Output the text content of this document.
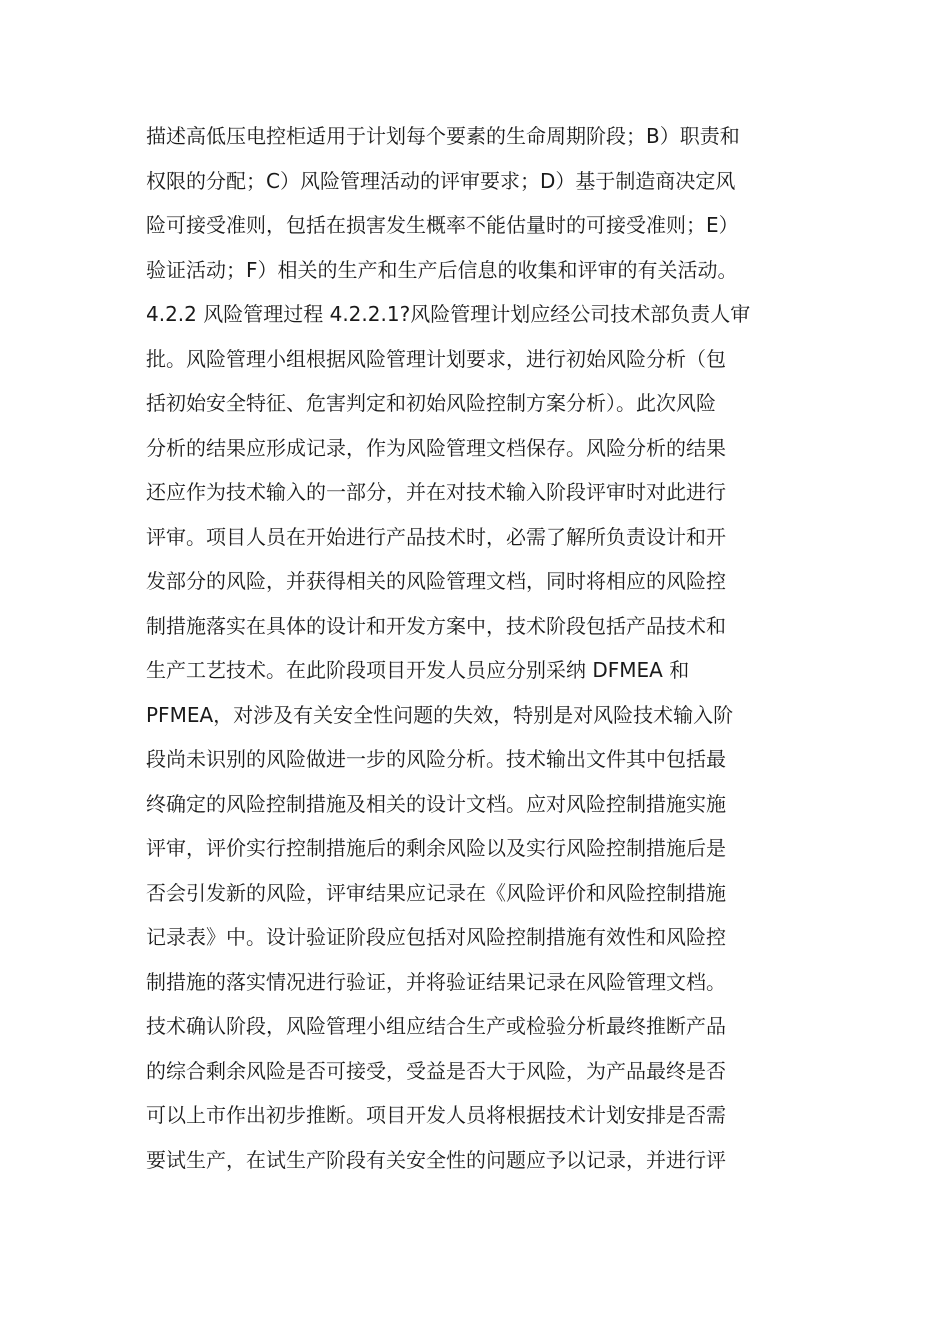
描述高低压电控柜适用于计划每个要素的生命周期阶段；B）职责和
权限的分配；C）风险管理活动的评审要求；D）基于制造商决定风
险可接受准则，包括在损害发生概率不能估量时的可接受准则；E）
验证活动；F）相关的生产和生产后信息的收集和评审的有关活动。
4.2.2 风险管理过程 4.2.2.1?风险管理计划应经公司技术部负责人审
批。风险管理小组根据风险管理计划要求，进行初始风险分析（包
括初始安全特征、危害判定和初始风险控制方案分析）。此次风险
分析的结果应形成记录，作为风险管理文档保存。风险分析的结果
还应作为技术输入的一部分，并在对技术输入阶段评审时对此进行
评审。项目人员在开始进行产品技术时，必需了解所负责设计和开
发部分的风险，并获得相关的风险管理文档，同时将相应的风险控
制措施落实在具体的设计和开发方案中，技术阶段包括产品技术和
生产工艺技术。在此阶段项目开发人员应分别采纳 DFMEA 和
PFMEA，对涉及有关安全性问题的失效，特别是对风险技术输入阶
段尚未识别的风险做进一步的风险分析。技术输出文件其中包括最
终确定的风险控制措施及相关的设计文档。应对风险控制措施实施
评审，评价实行控制措施后的剩余风险以及实行风险控制措施后是
否会引发新的风险，评审结果应记录在《风险评价和风险控制措施
记录表》中。设计验证阶段应包括对风险控制措施有效性和风险控
制措施的落实情况进行验证，并将验证结果记录在风险管理文档。
技术确认阶段，风险管理小组应结合生产或检验分析最终推断产品
的综合剩余风险是否可接受，受益是否大于风险，为产品最终是否
可以上市作出初步推断。项目开发人员将根据技术计划安排是否需
要试生产，在试生产阶段有关安全性的问题应予以记录，并进行评
